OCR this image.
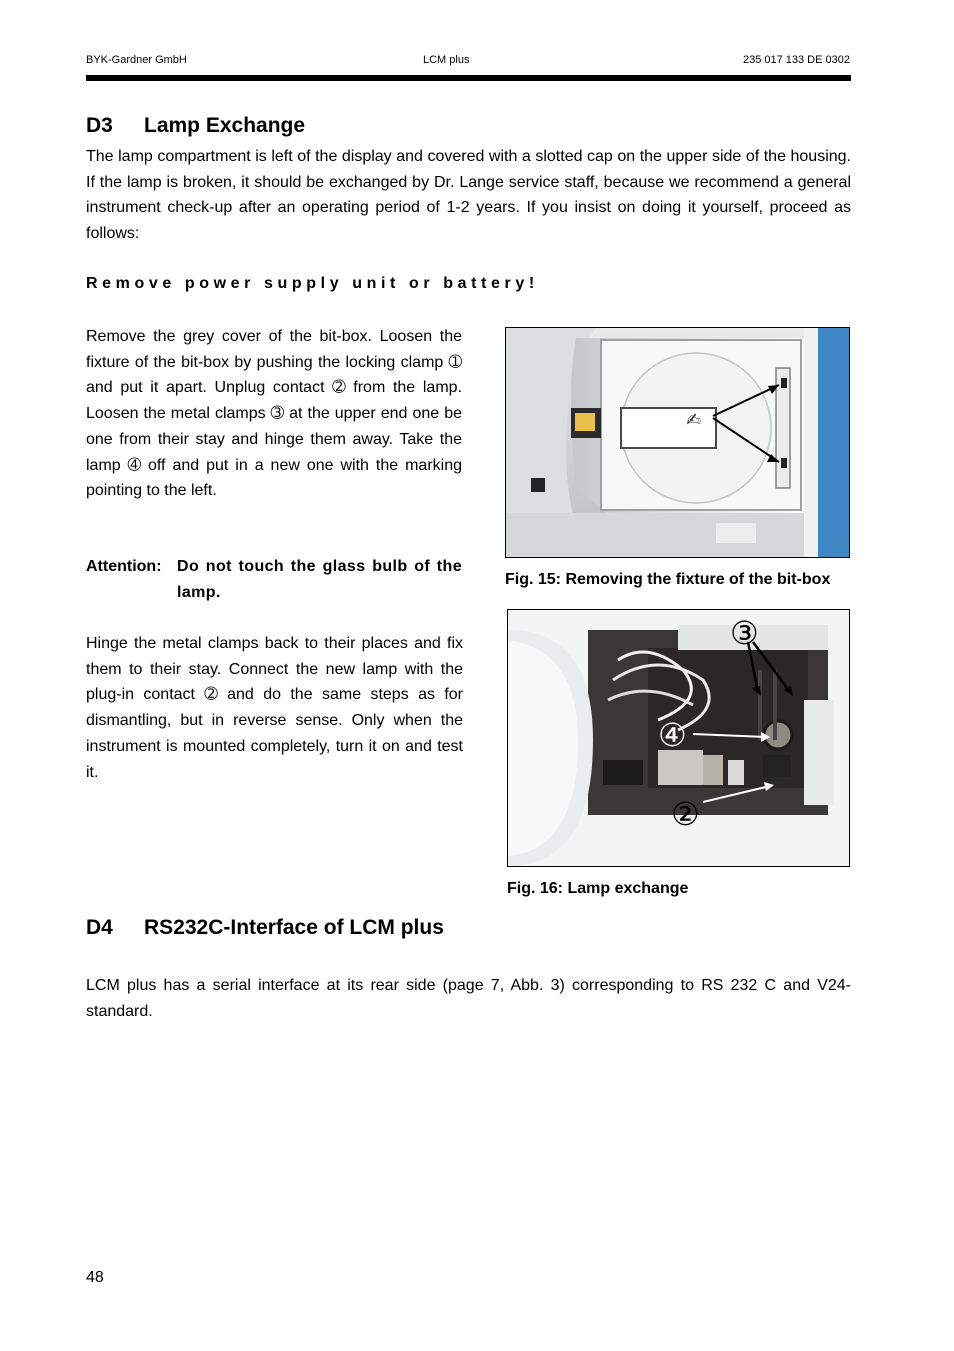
BYK-Gardner GmbH	LCM plus	235 017 133 DE 0302
D3 Lamp Exchange
The lamp compartment is left of the display and covered with a slotted cap on the upper side of the housing. If the lamp is broken, it should be exchanged by Dr. Lange service staff, because we recommend a general instrument check-up after an operating period of 1-2 years. If you insist on doing it yourself, proceed as follows:
Remove power supply unit or battery!
Remove the grey cover of the bit-box. Loosen the fixture of the bit-box by pushing the locking clamp ➀ and put it apart. Unplug contact ➁ from the lamp. Loosen the metal clamps ➂ at the upper end one be one from their stay and hinge them away. Take the lamp ➃ off and put in a new one with the marking pointing to the left.
Attention: Do not touch the glass bulb of the lamp.
Hinge the metal clamps back to their places and fix them to their stay. Connect the new lamp with the plug-in contact ➁ and do the same steps as for dismantling, but in reverse sense. Only when the instrument is mounted completely, turn it on and test it.
✍
Fig. 15: Removing the fixture of the bit-box
③
④
②
Fig. 16: Lamp exchange
D4 RS232C-Interface of LCM plus
LCM plus has a serial interface at its rear side (page 7, Abb. 3) corresponding to RS 232 C and V24-standard.
48
